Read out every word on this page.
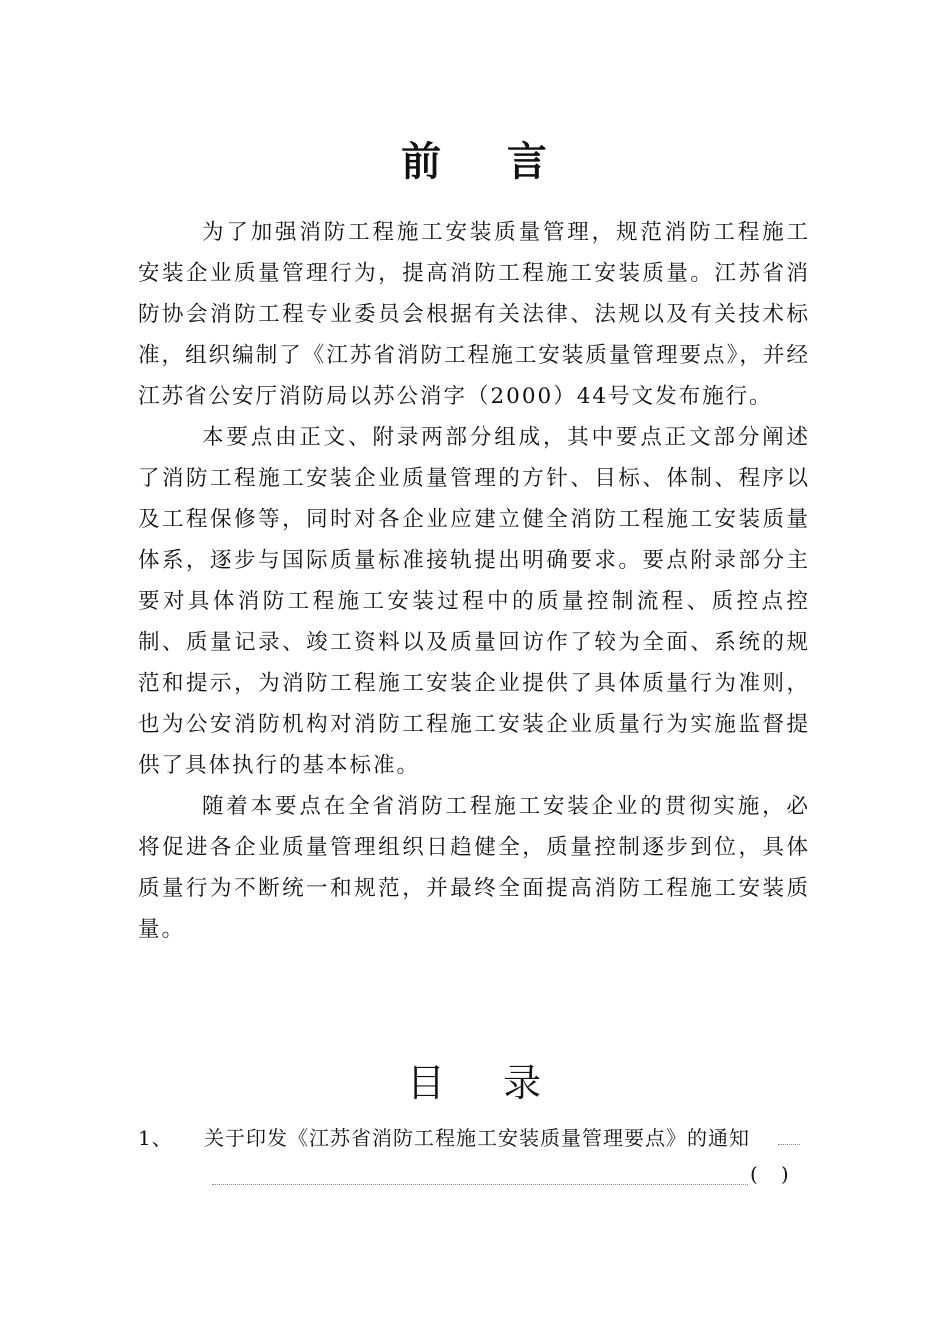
前    言

为了加强消防工程施工安装质量管理，规范消防工程施工安装企业质量管理行为，提高消防工程施工安装质量。江苏省消防协会消防工程专业委员会根据有关法律、法规以及有关技术标准，组织编制了《江苏省消防工程施工安装质量管理要点》，并经江苏省公安厅消防局以苏公消字（2000）44号文发布施行。

本要点由正文、附录两部分组成，其中要点正文部分阐述了消防工程施工安装企业质量管理的方针、目标、体制、程序以及工程保修等，同时对各企业应建立健全消防工程施工安装质量体系，逐步与国际质量标准接轨提出明确要求。要点附录部分主要对具体消防工程施工安装过程中的质量控制流程、质控点控制、质量记录、竣工资料以及质量回访作了较为全面、系统的规范和提示，为消防工程施工安装企业提供了具体质量行为准则，也为公安消防机构对消防工程施工安装企业质量行为实施监督提供了具体执行的基本标准。

随着本要点在全省消防工程施工安装企业的贯彻实施，必将促进各企业质量管理组织日趋健全，质量控制逐步到位，具体质量行为不断统一和规范，并最终全面提高消防工程施工安装质量。

目    录
1、 关于印发《江苏省消防工程施工安装质量管理要点》的通知
(   )
